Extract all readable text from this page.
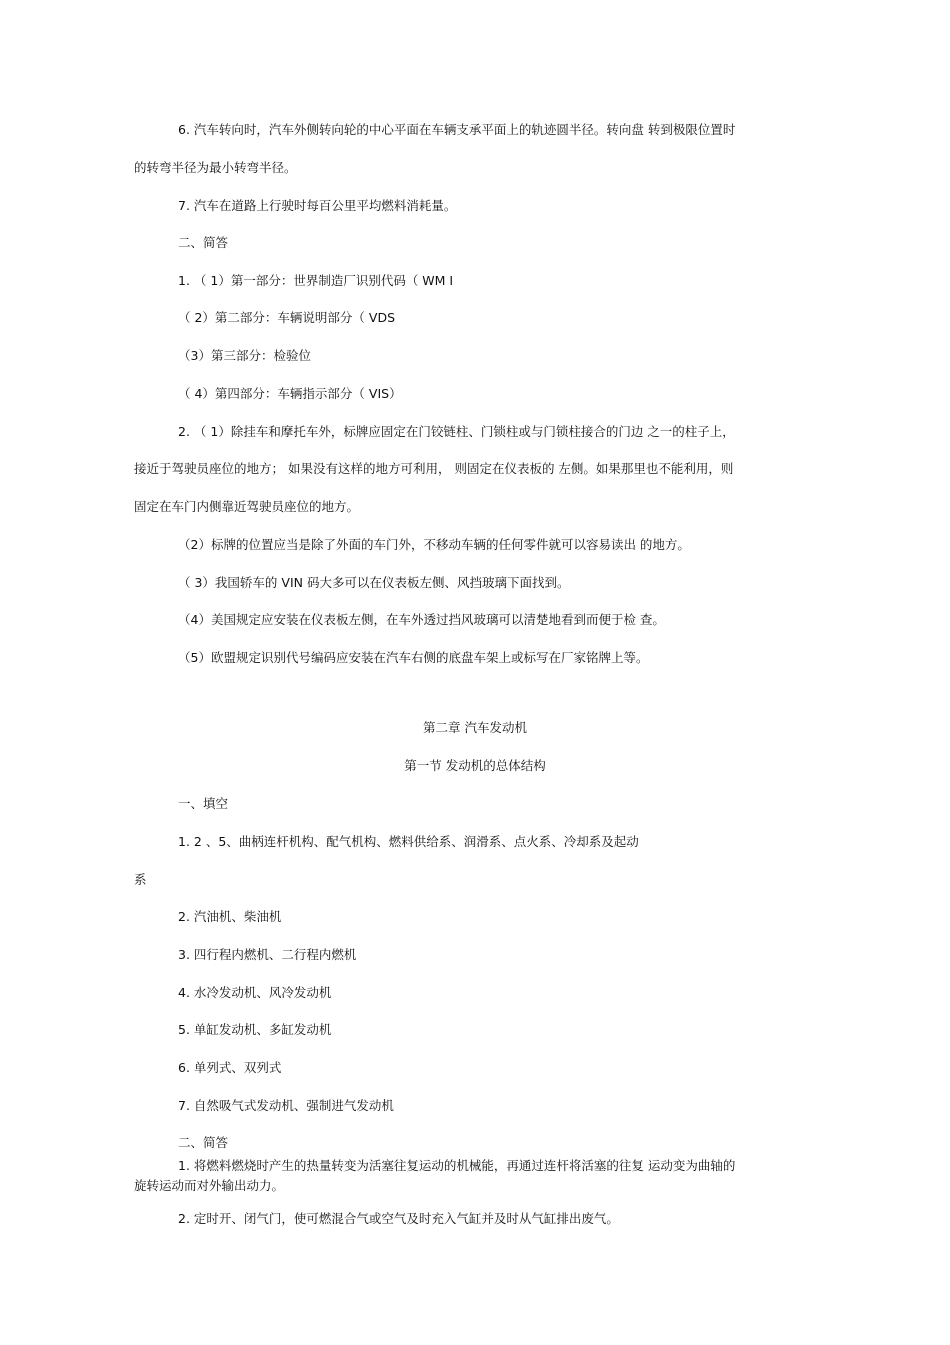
6. 汽车转向时，汽车外侧转向轮的中心平面在车辆支承平面上的轨迹圆半径。转向盘 转到极限位置时

的转弯半径为最小转弯半径。

7. 汽车在道路上行驶时每百公里平均燃料消耗量。

二、简答

1. （ 1）第一部分：世界制造厂识别代码（ WM I

（ 2）第二部分：车辆说明部分（ VDS

（3）第三部分：检验位

（ 4）第四部分：车辆指示部分（ VIS）

2. （ 1）除挂车和摩托车外，标牌应固定在门铰链柱、门锁柱或与门锁柱接合的门边 之一的柱子上，

接近于驾驶员座位的地方； 如果没有这样的地方可利用， 则固定在仪表板的 左侧。如果那里也不能利用，则

固定在车门内侧靠近驾驶员座位的地方。

（2）标牌的位置应当是除了外面的车门外，不移动车辆的任何零件就可以容易读出 的地方。

（ 3）我国轿车的 VIN 码大多可以在仪表板左侧、风挡玻璃下面找到。

（4）美国规定应安装在仪表板左侧，在车外透过挡风玻璃可以清楚地看到而便于检 查。

（5）欧盟规定识别代号编码应安装在汽车右侧的底盘车架上或标写在厂家铭牌上等。

第二章 汽车发动机

第一节 发动机的总体结构

一、填空

1. 2 、5、曲柄连杆机构、配气机构、燃料供给系、润滑系、点火系、冷却系及起动

系

2. 汽油机、柴油机

3. 四行程内燃机、二行程内燃机

4. 水冷发动机、风冷发动机

5. 单缸发动机、多缸发动机

6. 单列式、双列式

7. 自然吸气式发动机、强制进气发动机

二、简答

1. 将燃料燃烧时产生的热量转变为活塞往复运动的机械能，再通过连杆将活塞的往复 运动变为曲轴的

旋转运动而对外输出动力。

2. 定时开、闭气门，使可燃混合气或空气及时充入气缸并及时从气缸排出废气。
